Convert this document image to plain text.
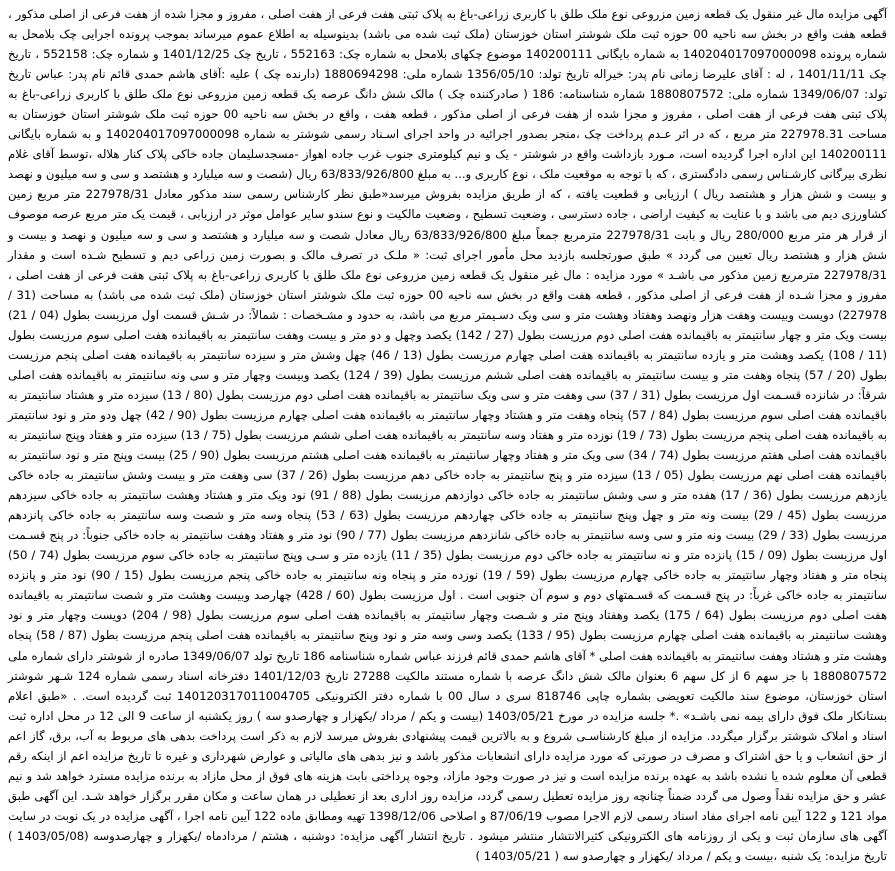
آگهی مزایده مال غیر منقول یک قطعه زمین مزروعی نوع ملک طلق با کاربری زراعی-باغ به پلاک ثبتی هفت فرعی از هفت اصلی ، مفروز و مجزا شده از هفت فرعی از اصلی مذکور ، قطعه هفت واقع در بخش سه ناحیه 00 حوزه ثبت ملک شوشتر استان خوزستان (ملک ثبت شده می باشد) بدینوسیله به اطلاع عموم میرساند بموجب پرونده اجرایی چک بلامحل به شماره پرونده 140204017097000098 به شماره بایگانی 140200111 موضوع چکهای بلامحل به شماره چک: 552163 ، تاریخ چک 1401/12/25 و شماره چک: 552158 ، تاریخ چک 1401/11/11 ، له : آقای علیرضا زمانی نام پدر: خیراله تاریخ تولد: 1356/05/10 شماره ملی: 1880694298 (دارنده چک ) علیه :آقای هاشم حمدی قائم نام پدر: عباس تاریخ تولد: 1349/06/07 شماره ملی: 1880807572 شماره شناسنامه: 186 ( صادرکننده چک ) مالک شش دانگ عرصه یک قطعه زمین مزروعی نوع ملک طلق با کاربری زراعی-باغ به پلاک ثبتی هفت فرعی از هفت اصلی ، مفروز و مجزا شده از هفت فرعی از اصلی مذکور ، قطعه هفت ، واقع در بخش سه ناحیه 00 حوزه ثبت ملک شوشتر استان خوزستان به مساحت 227978.31 متر مربع ، که در اثر عـدم پرداخت چک ،منجر بصدور اجرائیه در واحد اجرای اسـناد رسمی شوشتر به شماره 140204017097000098 و به شماره بایگانی 140200111 این اداره اجرا گردیده است، مـورد بازداشت واقع در شوشتر - یک و نیم کیلومتری جنوب غرب جاده اهواز -مسجدسلیمان جاده خاکی پلاک کنار هلاله ،توسط آقای غلام نظری بیرگانی کارشـناس رسمی دادگستری ، که با توجه به موقعیت ملک ، نوع کاربری و... به مبلغ 63/833/926/800 ریال (شصت و سه میلیارد و هشتصد و سی و سه میلیون و نهصد و بیست و شش هزار و هشتصد ریال ) ارزیابی و قطعیت یافته ، که از طریق مزایده بفروش میرسد«طبق نظر کارشناس رسمی سند مذکور معادل 227978/31 متر مربع زمین کشاورزی دیم می باشد و با عنایت به کیفیت اراضی ، جاده دسترسی ، وضعیت تسطیح ، وضعیت مالکیت و نوع سندو سایر عوامل موثر در ارزیابی ، قیمت یک متر مربع عرصه موصوف از قرار هر متر مربع 280/000 ریال و بابت 227978/31 مترمربع جمعاً مبلغ 63/833/926/800 ریال معادل شصت و سه میلیارد و هشتصد و سی و سه میلیون و نهصد و بیست و شش هزار و هشتصد ریال تعیین می گردد » طبق صورتجلسه بازدید محل مأمور اجرای ثبت: « ملـک در تصرف مالک و بصورت زمین زراعی دیم و تسطیح شـده است و مقدار 227978/31 مترمربع زمین مذکور می باشـد » مورد مزایده : مال غیر منقول یک قطعه زمین مزروعی نوع ملک طلق با کاربری زراعی-باغ به پلاک ثبتی هفت فرعی از هفت اصلی ، مفروز و مجزا شـده از هفت فرعی از اصلی مذکور ، قطعه هفت واقع در بخش سه ناحیه 00 حوزه ثبت ملک شوشتر استان خوزستان (ملک ثبت شده می باشد) به مساحت (31 / 227978) دویست وبیست وهفت هزار ونهصد وهفتاد وهشت متر و سی ویک دسـیمتر مربع می باشد، به حدود و مشـخصات : شمالاً: در شـش قسمت اول مرزیست بطول (04 / 21) بیست ویک متر و چهار سانتیمتر به باقیمانده هفت اصلی دوم مرزیست بطول (27 / 142) یکصد وچهل و دو متر و بیست وهفت سانتیمتر به باقیمانده هفت اصلی سوم مرزیست بطول (11 / 108) یکصد وهشت متر و یازده سانتیمتر به باقیمانده هفت اصلی چهارم مرزیست بطول (13 / 46) چهل وشش متر و سیزده سانتیمتر به باقیمانده هفت اصلی پنجم مرزیست بطول (20 / 57) پنجاه وهفت متر و بیست سانتیمتر به باقیمانده هفت اصلی ششم مرزیست بطول (39 / 124) یکصد وبیست وچهار متر و سی ونه سانتیمتر به باقیمانده هفت اصلی شرقاً: در شانزده قسـمت اول مرزیست بطول (31 / 37) سی وهفت متر و سی ویک سانتیمتر به باقیمانده هفت اصلی دوم مرزیست بطول (80 / 13) سیزده متر و هشتاد سانتیمتر به باقیمانده هفت اصلی سوم مرزیست بطول (84 / 57) پنجاه وهفت متر و هشتاد وچهار سانتیمتر به باقیمانده هفت اصلی چهارم مرزیست بطول (90 / 42) چهل ودو متر و نود سانتیمتر به باقیمانده هفت اصلی پنجم مرزیست بطول (73 / 19) نوزده متر و هفتاد وسه سانتیمتر به باقیمانده هفت اصلی ششم مرزیست بطول (75 / 13) سیزده متر و هفتاد وپنج سانتیمتر به باقیمانده هفت اصلی هفتم مرزیست بطول (74 / 34) سی ویک متر و هفتاد وچهار سانتیمتر به باقیمانده هفت اصلی هشتم مرزیست بطول (90 / 25) بیست وپنج متر و نود سانتیمتر به باقیمانده هفت اصلی نهم مرزیست بطول (05 / 13) سیزده متر و پنج سانتیمتر به جاده خاکی دهم مرزیست بطول (26 / 37) سی وهفت متر و بیست وشش سانتیمتر به جاده خاکی یازدهم مرزیست بطول (36 / 17) هفده متر و سی وشش سانتیمتر به جاده خاکی دوازدهم مرزیست بطول (88 / 91) نود ویک متر و هشتاد وهشت سانتیمتر به جاده خاکی سیزدهم مرزیست بطول (45 / 29) بیست ونه متر و چهل وپنج سانتیمتر به جاده خاکی چهاردهم مرزیست بطول (63 / 53) پنجاه وسه متر و شصت وسه سانتیمتر به جاده خاکی پانزدهم مرزیست بطول (33 / 29) بیست ونه متر و سی وسه سانتیمتر به جاده خاکی شانزدهم مرزیست بطول (77 / 90) نود متر و هفتاد وهفت سانتیمتر به جاده خاکی جنوباً: در پنج قسـمت اول مرزیست بطول (09 / 15) پانزده متر و نه سانتیمتر به جاده خاکی دوم مرزیست بطول (35 / 11) یازده متر و سـی وپنج سانتیمتر به جاده خاکی سوم مرزیست بطول (74 / 50) پنجاه متر و هفتاد وچهار سانتیمتر به جاده خاکی چهارم مرزیست بطول (59 / 19) نوزده متر و پنجاه ونه سانتیمتر به جاده خاکی پنجم مرزیست بطول (15 / 90) نود متر و پانزده سانتیمتر به جاده خاکی غرباً: در پنج قسـمت که قسـمتهای دوم و سوم آن جنوبی است . اول مرزیست بطول (60 / 428) چهارصد وبیست وهشت متر و شصت سانتیمتر به باقیمانده هفت اصلی دوم مرزیست بطول (64 / 175) یکصد وهفتاد وپنج متر و شـصت وچهار سانتیمتر به باقیمانده هفت اصلی سوم مرزیست بطول (98 / 204) دویست وچهار متر و نود وهشت سانتیمتر به باقیمانده هفت اصلی چهارم مرزیست بطول (95 / 133) یکصد وسی وسه متر و نود وپنج سانتیمتر به باقیمانده هفت اصلی پنجم مرزیست بطول (87 / 58) پنجاه وهشت متر و هشتاد وهفت سانتیمتر به باقیمانده هفت اصلی * آقای هاشم حمدی قائم فرزند عباس شماره شناسنامه 186 تاریخ تولد 1349/06/07 صادره از شوشتر دارای شماره ملی 1880807572 با جز سهم 6 از کل سهم 6 بعنوان مالک شش دانگ عرصه با شماره مستند مالکیت 27288 تاریخ 1401/12/03 دفترخانه اسناد رسمی شماره 124 شـهر شوشتر استان خوزستان، موضوع سند مالکیت تعویضی بشماره چاپی 818746 سری د سال 00 با شماره دفتر الکترونیکی 140120317011004705 ثبت گردیده است. . «طبق اعلام بستانکار ملک فوق دارای بیمه نمی باشـد» .* جلسه مزایده در مورخ 1403/05/21 (بیست و یکم / مرداد /یکهزار و چهارصدو سه ) روز یکشنبه از ساعت 9 الی 12 در محل اداره ثبت اسناد و املاک شوشتر برگزار میگردد. مزایده از مبلغ کارشناسـی شروع و به بالاترین قیمت پیشنهادی بفروش میرسد لازم به ذکر است پرداخت بدهی های مربوط به آب، برق، گاز اعم از حق انشعاب و یا حق اشتراک و مصرف در صورتی که مورد مزایده دارای انشعابات مذکور باشد و نیز بدهی های مالیاتی و عوارض شهرداری و غیره تا تاریخ مزایده اعم از اینکه رقم قطعی آن معلوم شده یا نشده باشد به عهده برنده مزایده است و نیز در صورت وجود مازاد، وجوه پرداختی بابت هزینه های فوق از محل مازاد به برنده مزایده مسترد خواهد شد و نیم عشر و حق مزایده نقداً وصول می گردد ضمناً چنانچه روز مزایده تعطیل رسمی گردد، مزایده روز اداری بعد از تعطیلی در همان ساعت و مکان مقرر برگزار خواهد شـد. این آگهی طبق مواد 121 و 122 آیین نامه اجرای مفاد اسناد رسمی لازم الاجرا مصوب 87/06/19 و اصلاحی 1398/12/06 تهیه ومطابق ماده 122 آیین نامه اجرا ، آگهی مزایده در یک نوبت در سایت آگهی های سازمان ثبت و یکی از روزنامه های الکترونیکی کثیرالانتشار منتشر میشود . تاریخ انتشار آگهی مزایده: دوشنبه ، هشتم / مردادماه /یکهزار و چهارصدوسه (1403/05/08 ) تاریخ مزایده: یک شنبه ،بیست و یکم / مرداد /یکهزار و چهارصدو سه ( 1403/05/21 )
